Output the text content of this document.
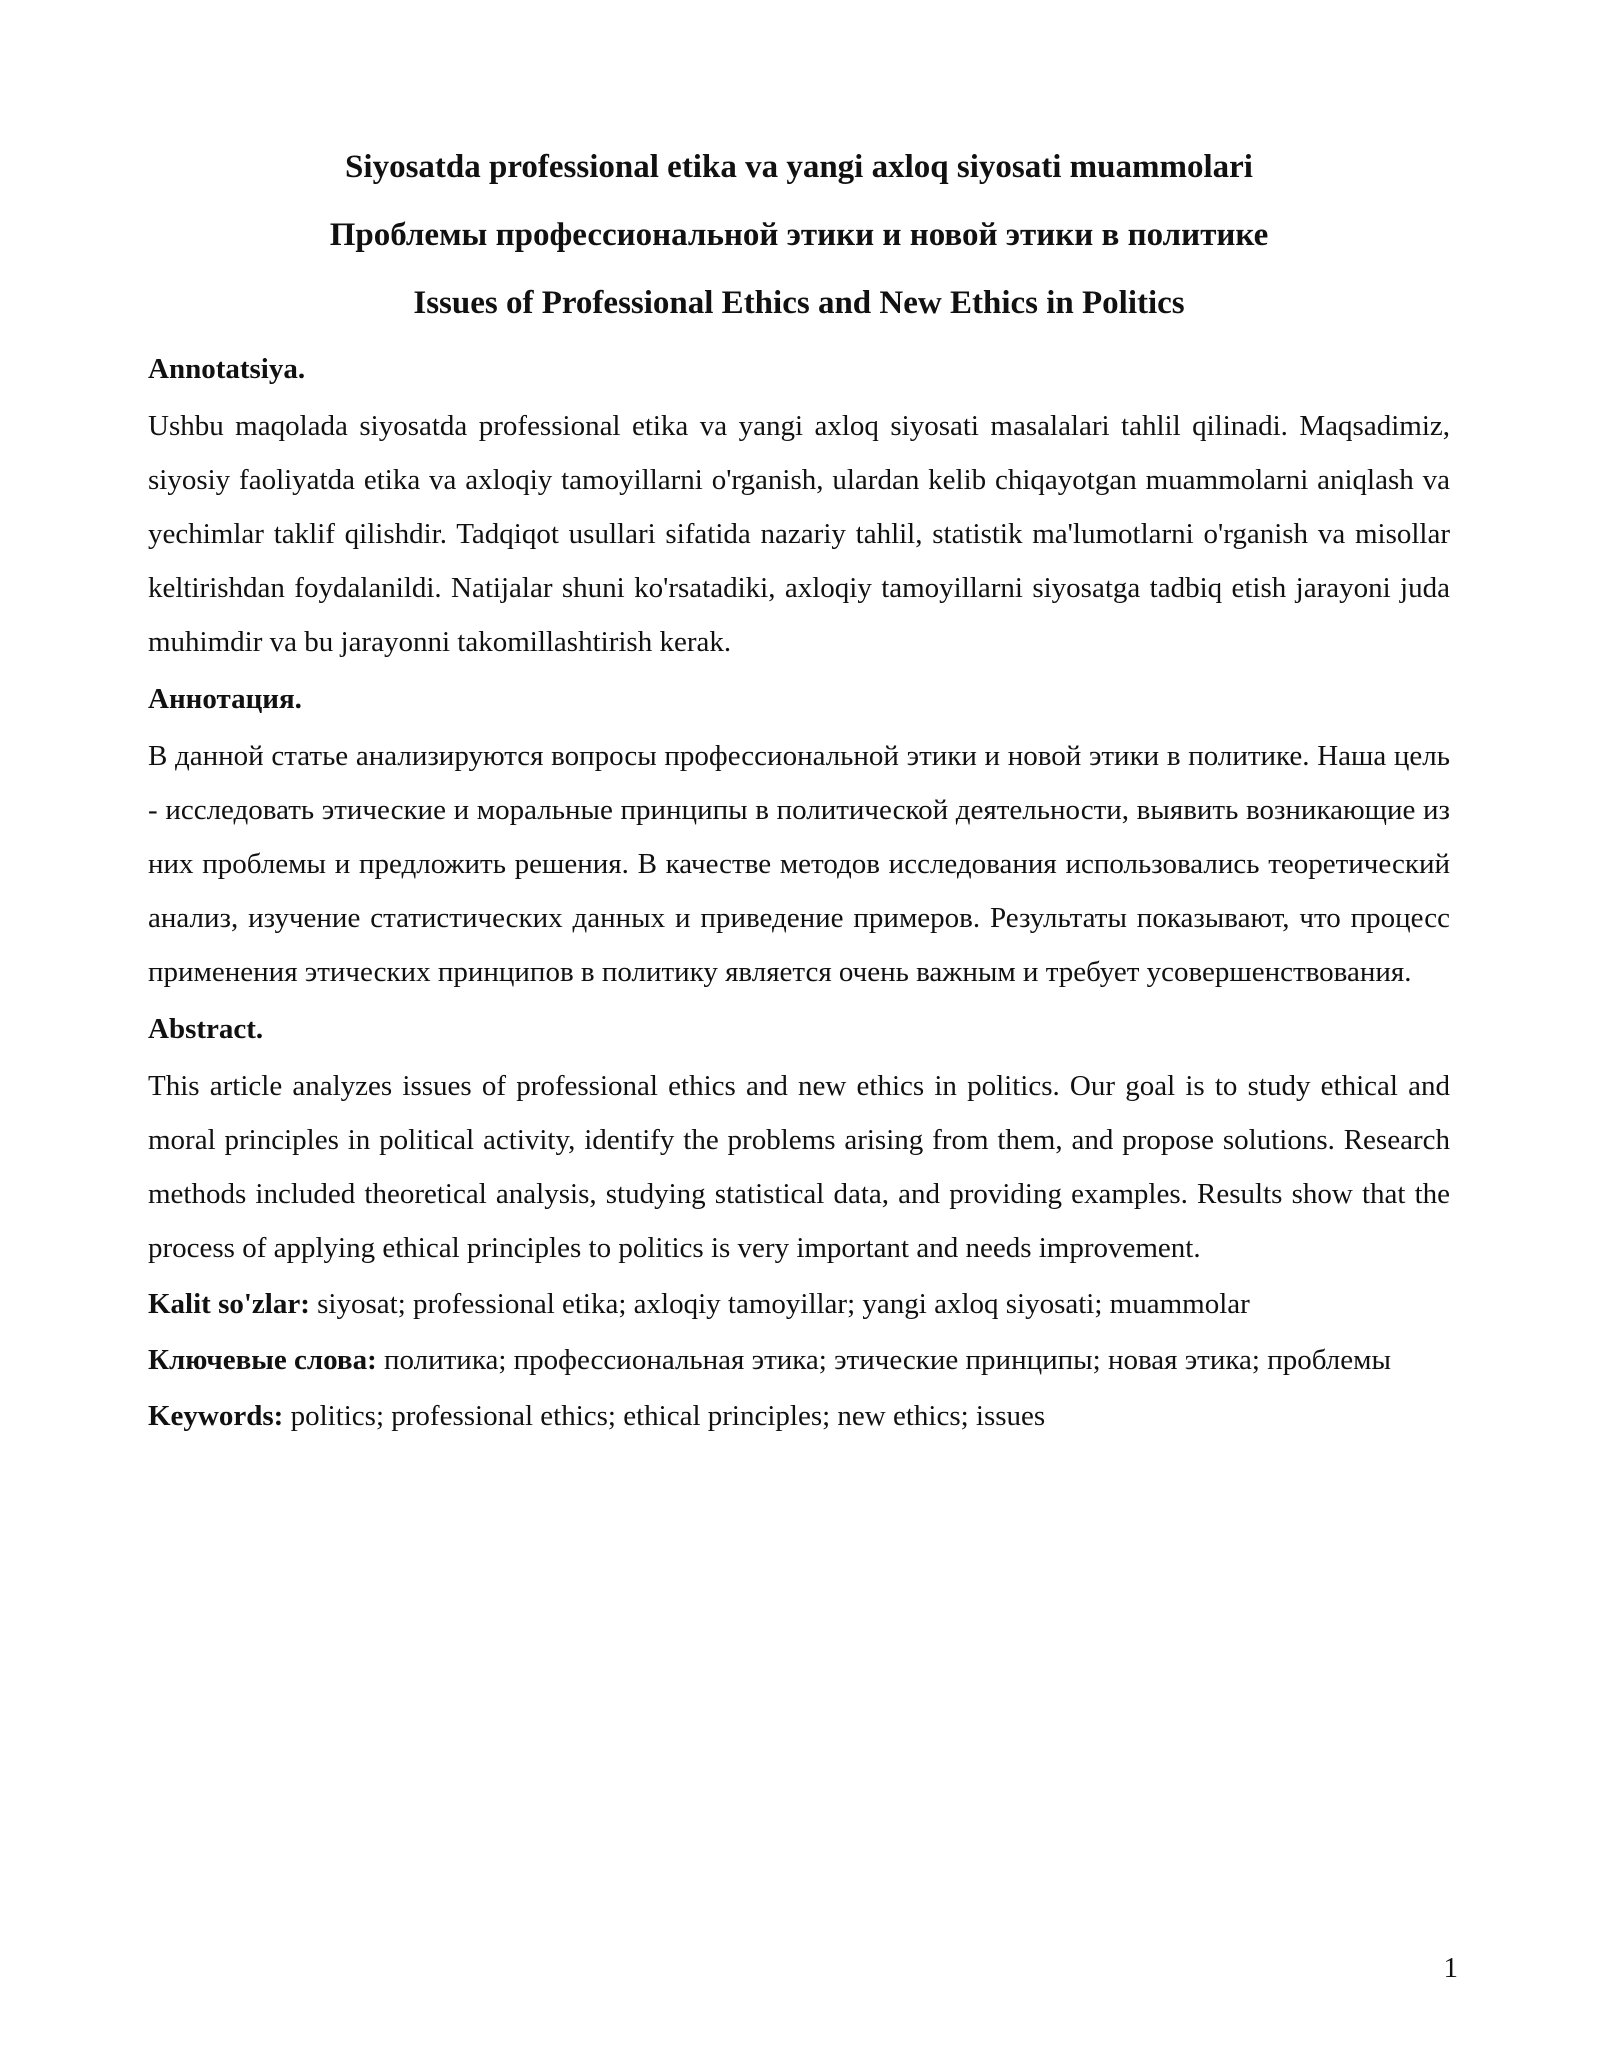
Siyosatda professional etika va yangi axloq siyosati muammolari
Проблемы профессиональной этики и новой этики в политике
Issues of Professional Ethics and New Ethics in Politics
Annotatsiya.

Ushbu maqolada siyosatda professional etika va yangi axloq siyosati masalalari tahlil qilinadi. Maqsadimiz, siyosiy faoliyatda etika va axloqiy tamoyillarni o'rganish, ulardan kelib chiqayotgan muammolarni aniqlash va yechimlar taklif qilishdir. Tadqiqot usullari sifatida nazariy tahlil, statistik ma'lumotlarni o'rganish va misollar keltirishdan foydalanildi. Natijalar shuni ko'rsatadiki, axloqiy tamoyillarni siyosatga tadbiq etish jarayoni juda muhimdir va bu jarayonni takomillashtirish kerak.

Аннотация.

В данной статье анализируются вопросы профессиональной этики и новой этики в политике. Наша цель - исследовать этические и моральные принципы в политической деятельности, выявить возникающие из них проблемы и предложить решения. В качестве методов исследования использовались теоретический анализ, изучение статистических данных и приведение примеров. Результаты показывают, что процесс применения этических принципов в политику является очень важным и требует усовершенствования.

Abstract.

This article analyzes issues of professional ethics and new ethics in politics. Our goal is to study ethical and moral principles in political activity, identify the problems arising from them, and propose solutions. Research methods included theoretical analysis, studying statistical data, and providing examples. Results show that the process of applying ethical principles to politics is very important and needs improvement.

Kalit so'zlar: siyosat; professional etika; axloqiy tamoyillar; yangi axloq siyosati; muammolar
Ключевые слова: политика; профессиональная этика; этические принципы; новая этика; проблемы
Keywords: politics; professional ethics; ethical principles; new ethics; issues
1
